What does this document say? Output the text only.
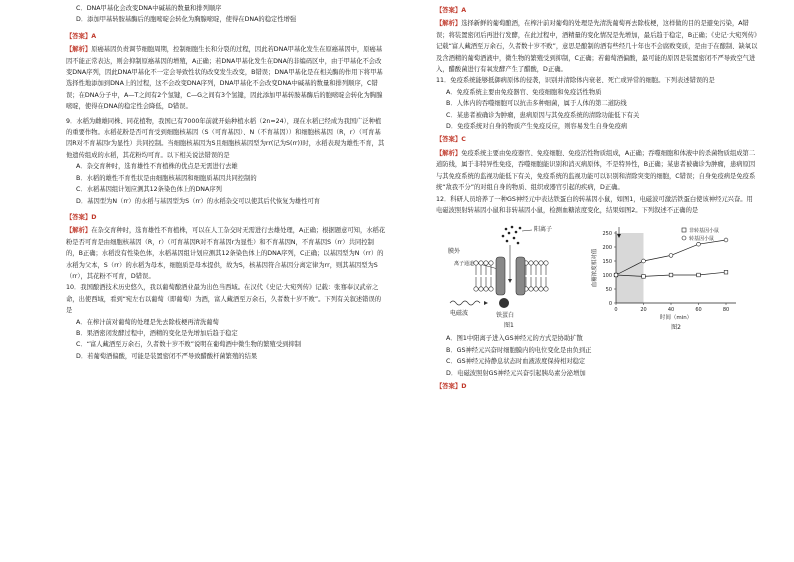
C．DNA甲基化会改变DNA中碱基的数量和排列顺序

D．添加甲基转胺基酶后的胞嘧啶会转化为胸腺嘧啶，使得在DNA的稳定性增强

【答案】A

【解析】原癌基因负责调节细胞周期，控制细胞生长和分裂的过程，因此若DNA甲基化发生在原癌基因中，原癌基因不能正常表达，则会抑制原癌基因的增殖，A正确；若DNA甲基化发生在DNA的非编码区中，由于甲基化不会改变DNA序列，因此DNA甲基化不一定会导致性状的改变发生改变，B错误；DNA甲基化是在相关酶的作用下将甲基选择性地添加到DNA上的过程，这不会改变DNA序列，DNA甲基化不会改变DNA中碱基的数量和排列顺序，C错误；在DNA分子中，A—T之间有2个氢键，C—G之间有3个氢键，因此添加甲基转胺基酶后的胞嘧啶会转化为胸腺嘧啶，使得在DNA的稳定性会降低，D错误。

9．水稻为雌雄同株、同花植物，我国已有7000年前就开始种植水稻（2n=24），现在水稻已经成为我国广泛种植的重要作物。水稻花粉是否可育受到细胞核基因（S（可育基因）、N（不育基因））和细胞核基因（R，r）（可育基因R对不育基因r为显性）共同控制。当细胞核基因为S且细胞核基因型为rr(记为S(rr))时，水稻表现为雄性不育，其他遗传组成的水稻，其花粉均可育。以下相关说法错误的是

A．杂交育种时，选育雄性不育植株的优点是无需进行去雄

B．水稻的雄性不育性状是由细胞核基因和细胞质基因共同控制的

C．水稻基因组计划应测其12条染色体上的DNA序列

D．基因型为N（rr）的水稻与基因型为S（rr）的水稻杂交可以使其后代恢复为雄性可育

【答案】D

【解析】在杂交育种时，选育雄性不育植株，可以在人工杂交时无需进行去雄处理，A正确；根据题意可知，水稻花粉是否可育是由细胞核基因（R，r）（可育基因R对不育基因r为显性）和不育基因N，不育基因S（rr）共同控制的，B正确；水稻没有性染色体，水稻基因组计划应测其12条染色体上的DNA序列，C正确；以基因型为N（rr）的水稻为父本，S（rr）的水稻为母本，细胞质是母本提供，故为S，核基因符合基因分离定律为rr，则其基因型为S（rr），其花粉不可育，D错误。

10．我国酿酒技术历史悠久，我以葡萄酿酒业最为出色当西域。在汉代《史记·大宛列传》记载：张骞奉汉武帝之命，出使西域，看到“宛左右以葡萄（即葡萄）为酒，富人藏酒至万余石，久者数十岁不败”。下列有关叙述错误的是

A．在榨汁前对葡萄的处理是先去除枝梗再清洗葡萄

B．果酒密闭发酵过程中，酒精的变化是先增加后趋于稳定

C．“富人藏酒至万余石，久者数十岁不败”说明在葡萄酒中微生物的繁殖受到抑制

D．若葡萄酒偏酸，可能是装置密闭不严导致醋酸杆菌繁殖的结果

【答案】A

【解析】选择新鲜的葡萄酿酒，在榨汁前对葡萄的处理是先清洗葡萄再去除枝梗，这样做的目的是避免污染，A错误；将装置密闭后再进行发酵，在此过程中，酒精量的变化情况是先增加，最后趋于稳定，B正确；《史记·大宛列传》记载“富人藏酒至万余石，久者数十岁不败”，意思是酿制的酒有些经几十年也不会腐败变质，是由于在酿制、缺氧以及含酒精的葡萄酒液中，微生物的繁殖受到抑制，C正确；若葡萄酒偏酸，最可能的原因是装置密闭不严导致空气进入，醋酸菌进行有氧发酵产生了醋酸，D正确。

11．免疫系统能够抵御病原体的侵袭，识别并清除体内衰老、死亡或异常的细胞。下列表述错误的是

A．免疫系统主要由免疫器官、免疫细胞和免疫活性物质

B．人体内的吞噬细胞可以抗击多种细菌，属于人体的第二道防线

C．某患者被确诊为肿瘤，患病原因与其免疫系统的清除功能低下有关

D．免疫系统对自身的物质产生免疫反应，则容易发生自身免疫病

【答案】C

【解析】免疫系统主要由免疫器官、免疫细胞、免疫活性物质组成，A正确；吞噬细胞和体液中的杀菌物质组成第二道防线，属于非特异性免疫，吞噬细胞能识别和消灭病原体，不是特异性，B正确；某患者被确诊为肿瘤，患病原因与其免疫系统的监视功能低下有关，免疫系统的监视功能可以识别和清除突变的细胞，C错误；自身免疫病是免疫系统“敌我不分”的对组自身的物质、组织或器官引起的疾病，D正确。

12．科研人员培养了一种GS神经元中表达铁蛋白的转基因小鼠，如图1，电磁波可激活铁蛋白使该神经元兴奋。用电磁波照射转基因小鼠和非转基因小鼠，检测血糖浓度变化，结果如图2。下列叙述不正确的是

阳离子
膜外
离子通道
电磁波	铁蛋白
图1
0
50
100
150
200
250
0	20	40	60	80
时间（min）
血糖浓度相对值
非转基因小鼠
转基因小鼠
图2

A．图1中阳离子进入GS神经元的方式是协助扩散

B．GS神经元兴奋时细胞膜内的电位变化是由负到正

C．GS神经元持静息状态时血液浓度保持相对稳定

D．电磁波照射GS神经元兴奋引起胰岛素分泌增加

【答案】D
